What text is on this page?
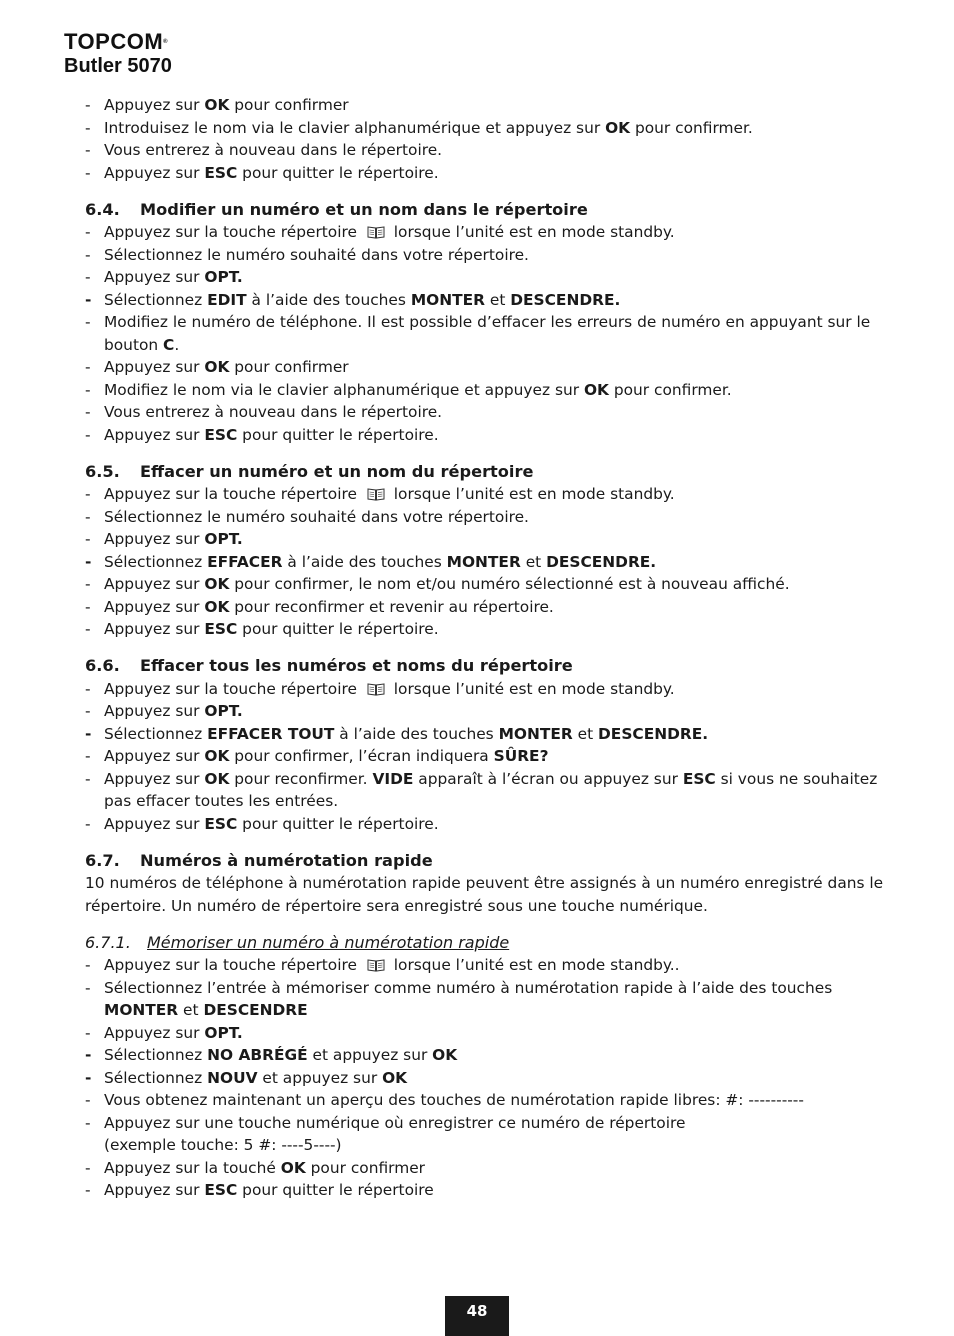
TOPCOM®
Butler 5070
- Appuyez sur OK pour confirmer
- Introduisez le nom via le clavier alphanumérique et appuyez sur OK pour confirmer.
- Vous entrerez à nouveau dans le répertoire.
- Appuyez sur ESC pour quitter le répertoire.
6.4. Modifier un numéro et un nom dans le répertoire
- Appuyez sur la touche répertoire  lorsque l’unité est en mode standby.
- Sélectionnez le numéro souhaité dans votre répertoire.
- Appuyez sur OPT.
- Sélectionnez EDIT à l’aide des touches MONTER et DESCENDRE.
- Modifiez le numéro de téléphone. Il est possible d’effacer les erreurs de numéro en appuyant sur le
bouton C.
- Appuyez sur OK pour confirmer
- Modifiez le nom via le clavier alphanumérique et appuyez sur OK pour confirmer.
- Vous entrerez à nouveau dans le répertoire.
- Appuyez sur ESC pour quitter le répertoire.
6.5. Effacer un numéro et un nom du répertoire
- Appuyez sur la touche répertoire  lorsque l’unité est en mode standby.
- Sélectionnez le numéro souhaité dans votre répertoire.
- Appuyez sur OPT.
- Sélectionnez EFFACER à l’aide des touches MONTER et DESCENDRE.
- Appuyez sur OK pour confirmer, le nom et/ou numéro sélectionné est à nouveau affiché.
- Appuyez sur OK pour reconfirmer et revenir au répertoire.
- Appuyez sur ESC pour quitter le répertoire.
6.6. Effacer tous les numéros et noms du répertoire
- Appuyez sur la touche répertoire  lorsque l’unité est en mode standby.
- Appuyez sur OPT.
- Sélectionnez EFFACER TOUT à l’aide des touches MONTER et DESCENDRE.
- Appuyez sur OK pour confirmer, l’écran indiquera SÛRE?
- Appuyez sur OK pour reconfirmer. VIDE apparaît à l’écran ou appuyez sur ESC si vous ne souhaitez
pas effacer toutes les entrées.
- Appuyez sur ESC pour quitter le répertoire.
6.7. Numéros à numérotation rapide
10 numéros de téléphone à numérotation rapide peuvent être assignés à un numéro enregistré dans le répertoire. Un numéro de répertoire sera enregistré sous une touche numérique.
6.7.1. Mémoriser un numéro à numérotation rapide
- Appuyez sur la touche répertoire  lorsque l’unité est en mode standby..
- Sélectionnez l’entrée à mémoriser comme numéro à numérotation rapide à l’aide des touches
MONTER et DESCENDRE
- Appuyez sur OPT.
- Sélectionnez NO ABRÉGÉ et appuyez sur OK
- Sélectionnez NOUV et appuyez sur OK
- Vous obtenez maintenant un aperçu des touches de numérotation rapide libres: #: ----------
- Appuyez sur une touche numérique où enregistrer ce numéro de répertoire
(exemple touche: 5 #: ----5----)
- Appuyez sur la touché OK pour confirmer
- Appuyez sur ESC pour quitter le répertoire
48
